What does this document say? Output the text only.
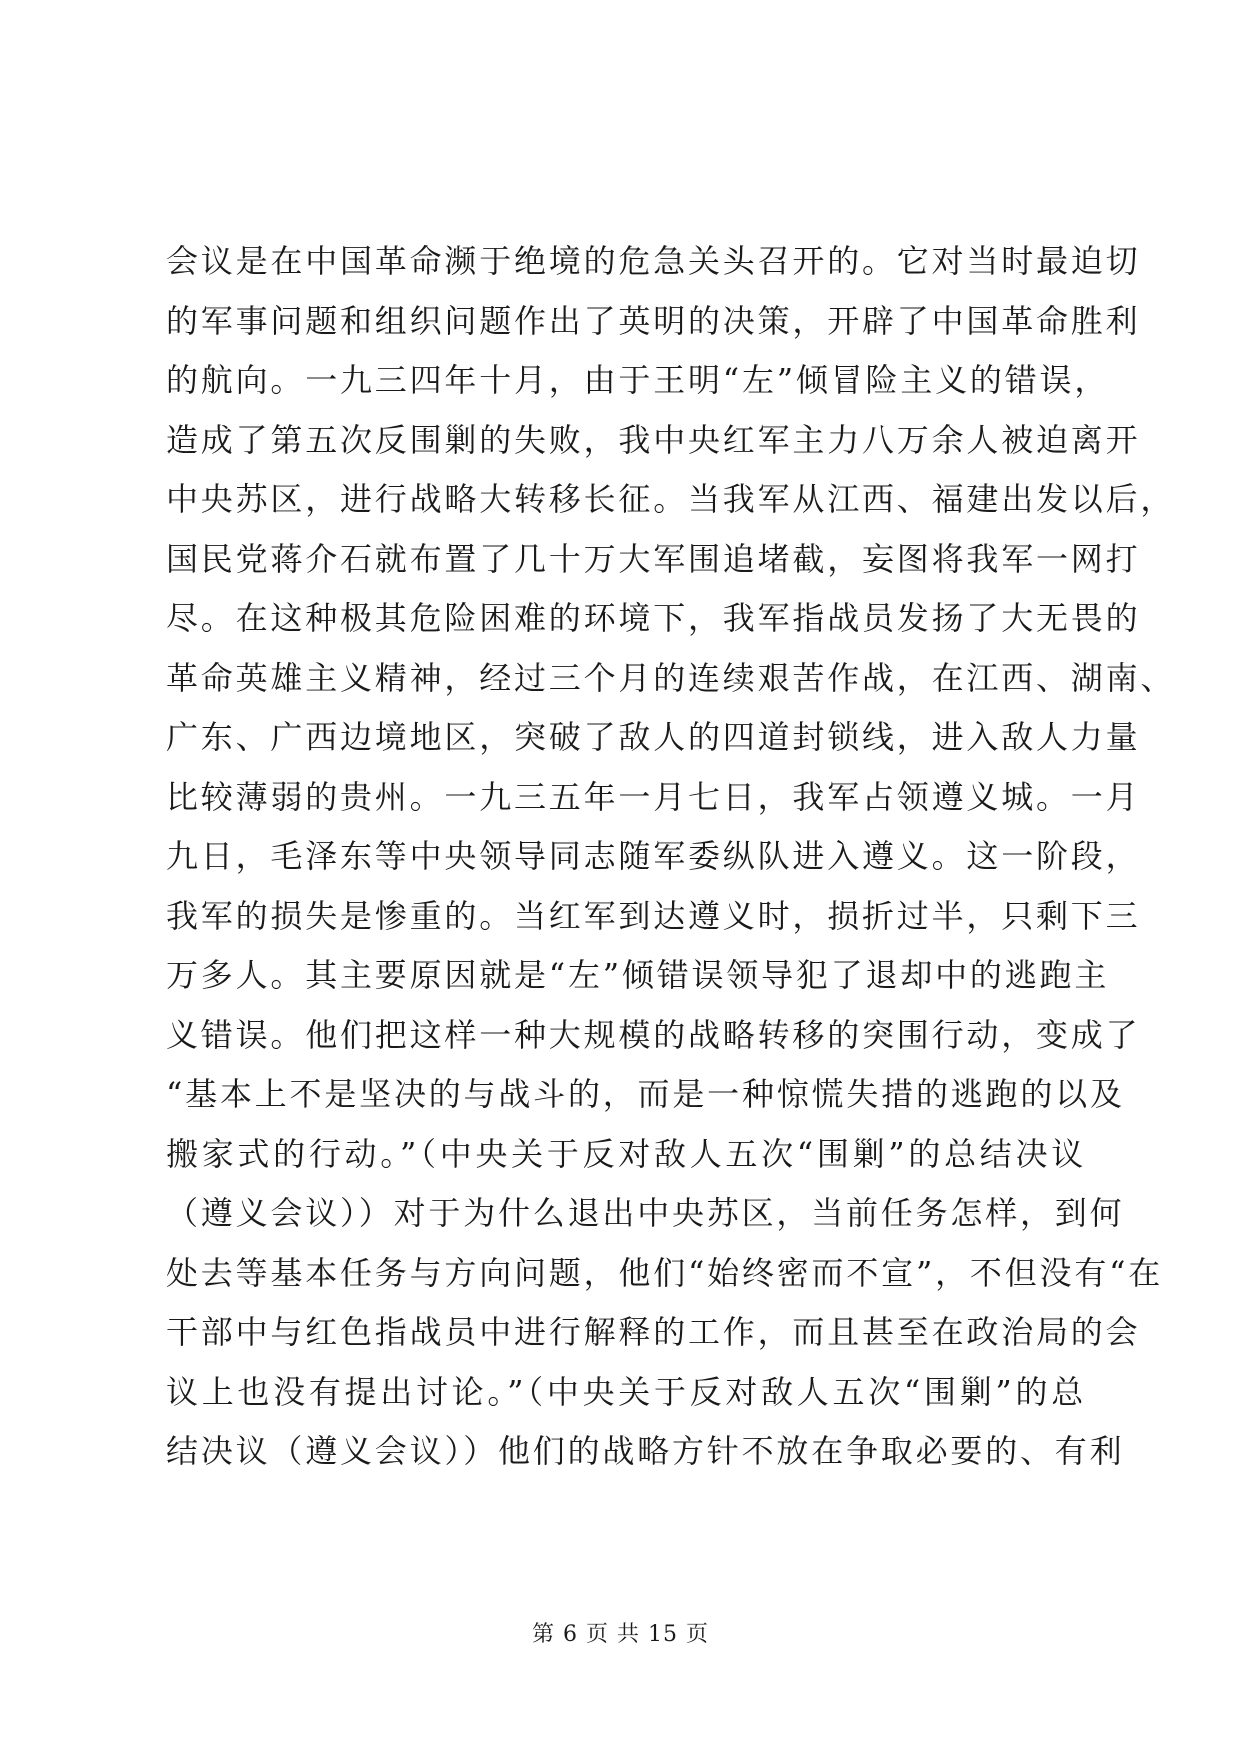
会议是在中国革命濒于绝境的危急关头召开的。它对当时最迫切
的军事问题和组织问题作出了英明的决策，开辟了中国革命胜利
的航向。一九三四年十月，由于王明“左”倾冒险主义的错误，
造成了第五次反围剿的失败，我中央红军主力八万余人被迫离开
中央苏区，进行战略大转移长征。当我军从江西、福建出发以后，
国民党蒋介石就布置了几十万大军围追堵截，妄图将我军一网打
尽。在这种极其危险困难的环境下，我军指战员发扬了大无畏的
革命英雄主义精神，经过三个月的连续艰苦作战，在江西、湖南、
广东、广西边境地区，突破了敌人的四道封锁线，进入敌人力量
比较薄弱的贵州。一九三五年一月七日，我军占领遵义城。一月
九日，毛泽东等中央领导同志随军委纵队进入遵义。这一阶段，
我军的损失是惨重的。当红军到达遵义时，损折过半，只剩下三
万多人。其主要原因就是“左”倾错误领导犯了退却中的逃跑主
义错误。他们把这样一种大规模的战略转移的突围行动，变成了
“基本上不是坚决的与战斗的，而是一种惊慌失措的逃跑的以及
搬家式的行动。”（中央关于反对敌人五次“围剿”的总结决议
（遵义会议））对于为什么退出中央苏区，当前任务怎样，到何
处去等基本任务与方向问题，他们“始终密而不宣”，不但没有“在
干部中与红色指战员中进行解释的工作，而且甚至在政治局的会
议上也没有提出讨论。”（中央关于反对敌人五次“围剿”的总
结决议（遵义会议））他们的战略方针不放在争取必要的、有利
第 6 页 共 15 页
